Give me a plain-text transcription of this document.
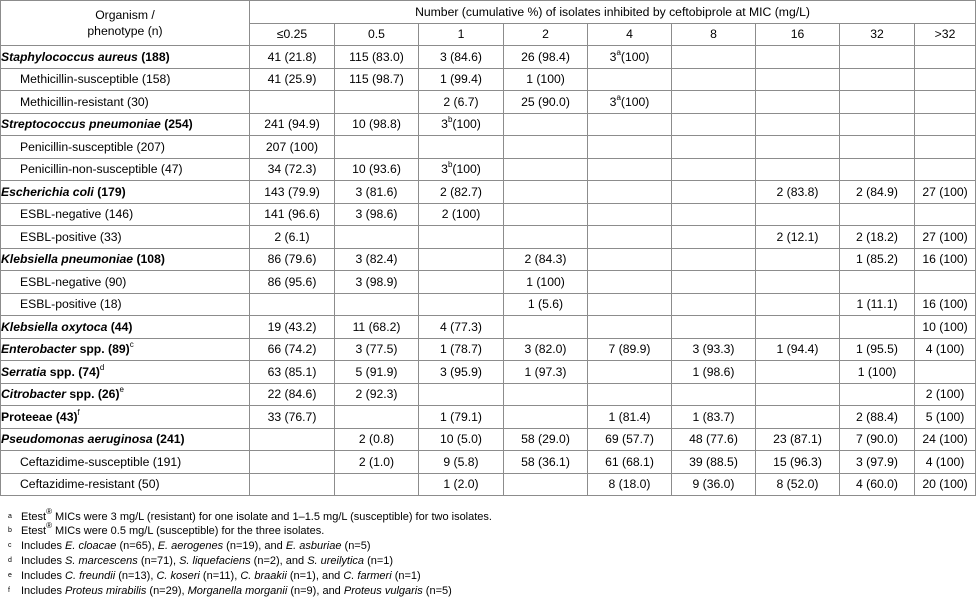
Organism /
phenotype (n)	Number (cumulative %) of isolates inhibited by ceftobiprole at MIC (mg/L)								
	≤0.25	0.5	1	2	4	8	16	32	>32
Staphylococcus aureus (188)	41 (21.8)	115 (83.0)	3 (84.6)	26 (98.4)	3$^a$(100)				
Methicillin-susceptible (158)	41 (25.9)	115 (98.7)	1 (99.4)	1 (100)					
Methicillin-resistant (30)			2 (6.7)	25 (90.0)	3$^a$(100)				
Streptococcus pneumoniae (254)	241 (94.9)	10 (98.8)	3$^b$(100)						
Penicillin-susceptible (207)	207 (100)								
Penicillin-non-susceptible (47)	34 (72.3)	10 (93.6)	3$^b$(100)						
Escherichia coli (179)	143 (79.9)	3 (81.6)	2 (82.7)				2 (83.8)	2 (84.9)	27 (100)
ESBL-negative (146)	141 (96.6)	3 (98.6)	2 (100)						
ESBL-positive (33)	2 (6.1)						2 (12.1)	2 (18.2)	27 (100)
Klebsiella pneumoniae (108)	86 (79.6)	3 (82.4)		2 (84.3)				1 (85.2)	16 (100)
ESBL-negative (90)	86 (95.6)	3 (98.9)		1 (100)					
ESBL-positive (18)				1 (5.6)				1 (11.1)	16 (100)
Klebsiella oxytoca (44)	19 (43.2)	11 (68.2)	4 (77.3)						10 (100)
Enterobacter spp. $(89)^c$	66 (74.2)	3 (77.5)	1 (78.7)	3 (82.0)	7 (89.9)	3 (93.3)	1 (94.4)	1 (95.5)	4 (100)
Serratia spp. $(74)^d$	63 (85.1)	5 (91.9)	3 (95.9)	1 (97.3)		1 (98.6)		1 (100)	
Citrobacter spp. $(26)^e$	22 (84.6)	2 (92.3)							2 (100)
Proteeae $(43)^f$	33 (76.7)		1 (79.1)		1 (81.4)	1 (83.7)		2 (88.4)	5 (100)
Pseudomonas aeruginosa (241)		2 (0.8)	10 (5.0)	58 (29.0)	69 (57.7)	48 (77.6)	23 (87.1)	7 (90.0)	24 (100)
Ceftazidime-susceptible (191)		2 (1.0)	9 (5.8)	58 (36.1)	61 (68.1)	39 (88.5)	15 (96.3)	3 (97.9)	4 (100)
Ceftazidime-resistant (50)			1 (2.0)		8 (18.0)	9 (36.0)	8 (52.0)	4 (60.0)	20 (100)
a Etest® MICs were 3 mg/L (resistant) for one isolate and 1–1.5 mg/L (susceptible) for two isolates.
b Etest® MICs were 0.5 mg/L (susceptible) for the three isolates.
c Includes E. cloacae (n=65), E. aerogenes (n=19), and E. asburiae (n=5)
d Includes S. marcescens (n=71), S. liquefaciens (n=2), and S. ureilytica (n=1)
e Includes C. freundii (n=13), C. koseri (n=11), C. braakii (n=1), and C. farmeri (n=1)
f Includes Proteus mirabilis (n=29), Morganella morganii (n=9), and Proteus vulgaris (n=5)
